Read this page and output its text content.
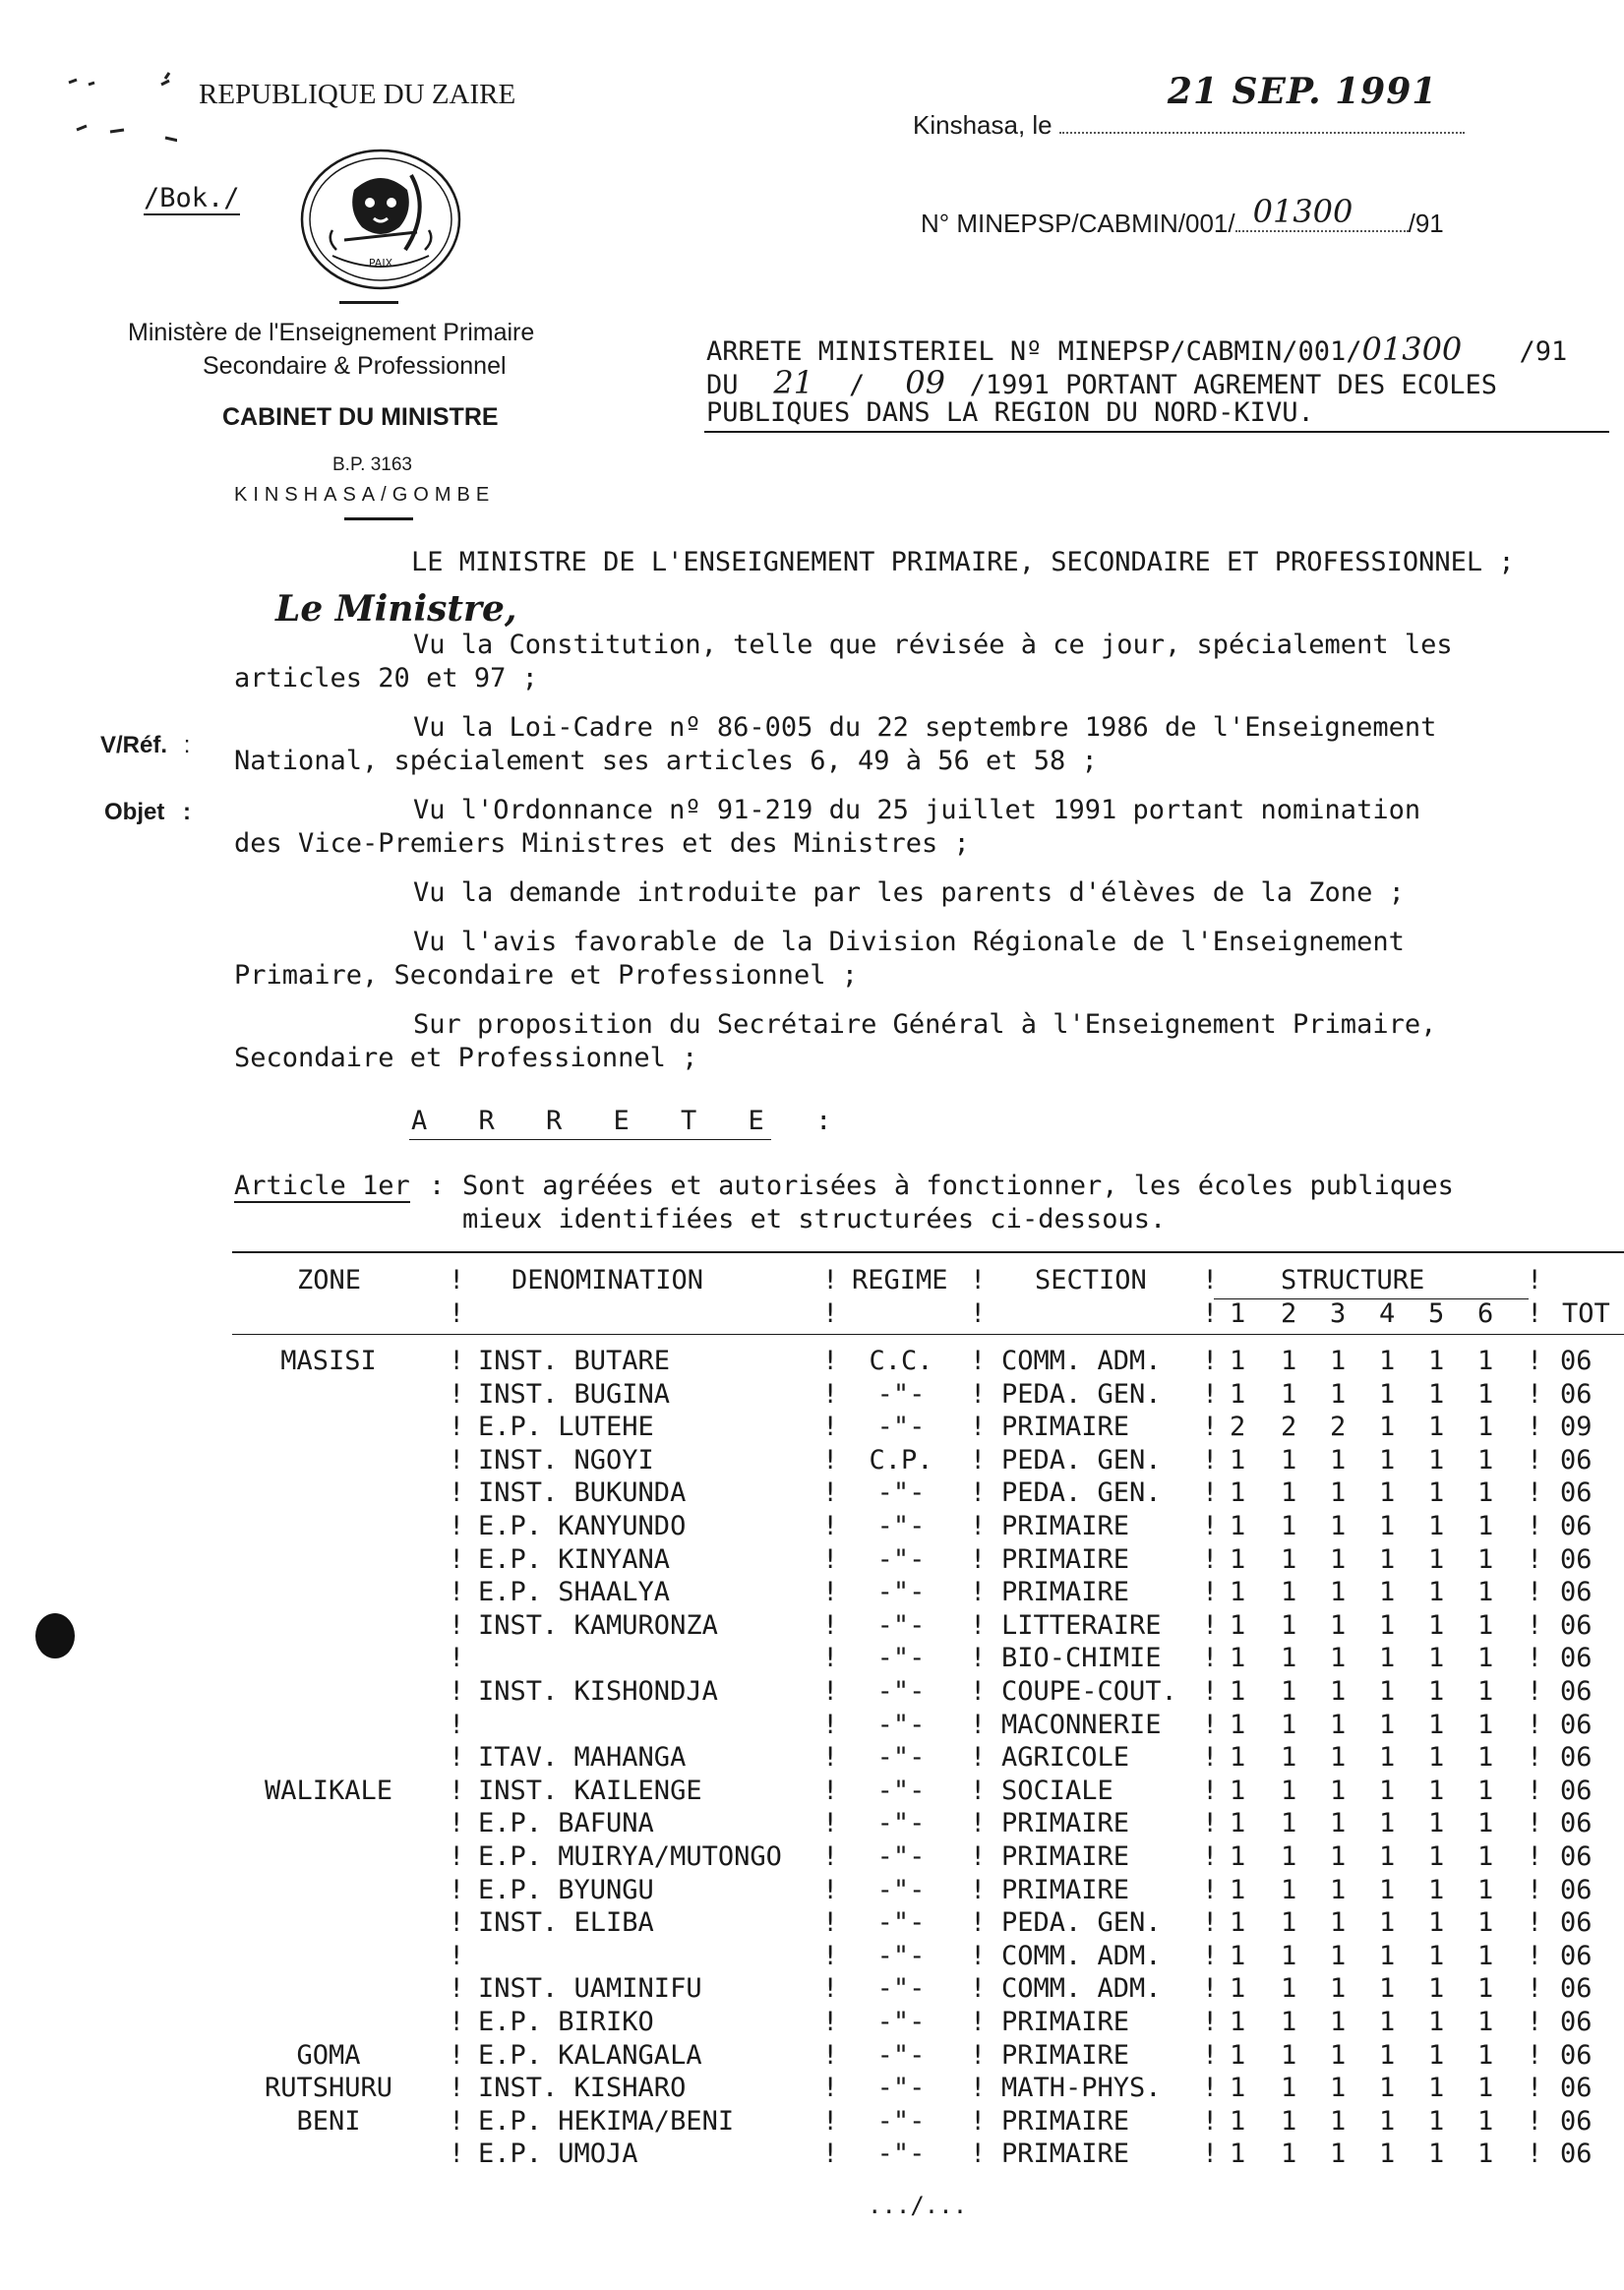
REPUBLIQUE DU ZAIRE
/Bok./
PAIX
Ministère de l'Enseignement Primaire
Secondaire & Professionnel
CABINET DU MINISTRE
B.P. 3163
KINSHASA/GOMBE
Kinshasa, le
21 SEP. 1991
N° MINEPSP/CABMIN/001/ 01300 /91
ARRETE MINISTERIEL Nº MINEPSP/CABMIN/001/01300 /91
DU 21 / 09 /1991 PORTANT AGREMENT DES ECOLES
PUBLIQUES DANS LA REGION DU NORD-KIVU.
LE MINISTRE DE L'ENSEIGNEMENT PRIMAIRE, SECONDAIRE ET PROFESSIONNEL ;
Le Ministre,
Vu la Constitution, telle que révisée à ce jour, spécialement les
articles 20 et 97 ;
V/Réf. :
Vu la Loi-Cadre nº 86-005 du 22 septembre 1986 de l'Enseignement
National, spécialement ses articles 6, 49 à 56 et 58 ;
Objet :	Vu l'Ordonnance nº 91-219 du 25 juillet 1991 portant nomination
des Vice-Premiers Ministres et des Ministres ;
Vu la demande introduite par les parents d'élèves de la Zone ;
Vu l'avis favorable de la Division Régionale de l'Enseignement
Primaire, Secondaire et Professionnel ;
Sur proposition du Secrétaire Général à l'Enseignement Primaire,
Secondaire et Professionnel ;
A R R E T E :
Article 1er : Sont agréées et autorisées à fonctionner, les écoles publiques
mieux identifiées et structurées ci-dessous.
ZONE	! DENOMINATION	! REGIME ! SECTION ! STRUCTURE	!
!	!	!	! 1 2 3 4 5 6 ! TOT
MASISI	! INST. BUTARE	!	C.C.	! COMM. ADM. ! 1 1 1 1 1 1 ! 06
! INST. BUGINA	!	-"-	! PEDA. GEN. ! 1 1 1 1 1 1 ! 06
! E.P. LUTEHE	!	-"-	! PRIMAIRE	! 2 2 2 1 1 1 ! 09
! INST. NGOYI	!	C.P.	! PEDA. GEN. ! 1 1 1 1 1 1 ! 06
! INST. BUKUNDA	!	-"-	! PEDA. GEN. ! 1 1 1 1 1 1 ! 06
! E.P. KANYUNDO	!	-"-	! PRIMAIRE	! 1 1 1 1 1 1 ! 06
! E.P. KINYANA	!	-"-	! PRIMAIRE	! 1 1 1 1 1 1 ! 06
! E.P. SHAALYA	!	-"-	! PRIMAIRE	! 1 1 1 1 1 1 ! 06
! INST. KAMURONZA	!	-"-	! LITTERAIRE ! 1 1 1 1 1 1 ! 06
!	!	-"-	! BIO-CHIMIE ! 1 1 1 1 1 1 ! 06
! INST. KISHONDJA	!	-"-	! COUPE-COUT. ! 1 1 1 1 1 1 ! 06
!	!	-"-	! MACONNERIE ! 1 1 1 1 1 1 ! 06
! ITAV. MAHANGA	!	-"-	! AGRICOLE	! 1 1 1 1 1 1 ! 06
WALIKALE	! INST. KAILENGE	!	-"-	! SOCIALE	! 1 1 1 1 1 1 ! 06
! E.P. BAFUNA	!	-"-	! PRIMAIRE	! 1 1 1 1 1 1 ! 06
! E.P. MUIRYA/MUTONGO !	-"-	! PRIMAIRE	! 1 1 1 1 1 1 ! 06
! E.P. BYUNGU	!	-"-	! PRIMAIRE	! 1 1 1 1 1 1 ! 06
! INST. ELIBA	!	-"-	! PEDA. GEN. ! 1 1 1 1 1 1 ! 06
!	!	-"-	! COMM. ADM. ! 1 1 1 1 1 1 ! 06
! INST. UAMINIFU	!	-"-	! COMM. ADM. ! 1 1 1 1 1 1 ! 06
! E.P. BIRIKO	!	-"-	! PRIMAIRE	! 1 1 1 1 1 1 ! 06
GOMA	! E.P. KALANGALA	!	-"-	! PRIMAIRE	! 1 1 1 1 1 1 ! 06
RUTSHURU	! INST. KISHARO	!	-"-	! MATH-PHYS. ! 1 1 1 1 1 1 ! 06
BENI	! E.P. HEKIMA/BENI	!	-"-	! PRIMAIRE	! 1 1 1 1 1 1 ! 06
! E.P. UMOJA	!	-"-	! PRIMAIRE	! 1 1 1 1 1 1 ! 06
.../...
